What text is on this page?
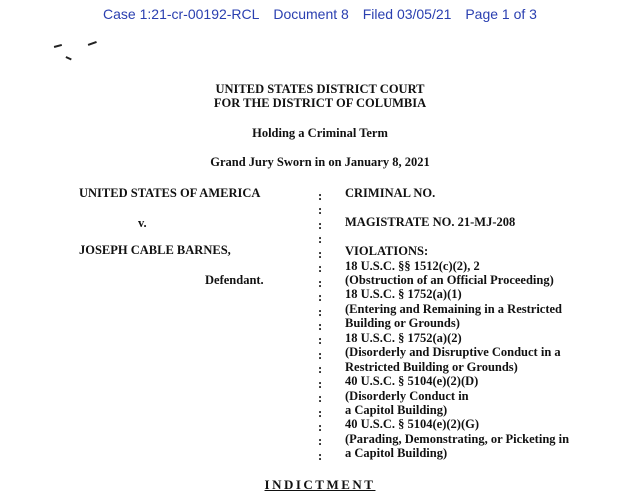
Case 1:21-cr-00192-RCL Document 8 Filed 03/05/21 Page 1 of 3
UNITED STATES DISTRICT COURT
FOR THE DISTRICT OF COLUMBIA
Holding a Criminal Term
Grand Jury Sworn in on January 8, 2021
UNITED STATES OF AMERICA
v.
JOSEPH CABLE BARNES,
Defendant.
:
:
:
:
:
:
:
:
:
:
:
:
:
:
:
:
:
:
:
CRIMINAL NO.
MAGISTRATE NO. 21-MJ-208
VIOLATIONS:
18 U.S.C. §§ 1512(c)(2), 2
(Obstruction of an Official Proceeding)
18 U.S.C. § 1752(a)(1)
(Entering and Remaining in a Restricted
Building or Grounds)
18 U.S.C. § 1752(a)(2)
(Disorderly and Disruptive Conduct in a
Restricted Building or Grounds)
40 U.S.C. § 5104(e)(2)(D)
(Disorderly Conduct in
a Capitol Building)
40 U.S.C. § 5104(e)(2)(G)
(Parading, Demonstrating, or Picketing in
a Capitol Building)
INDICTMENT
